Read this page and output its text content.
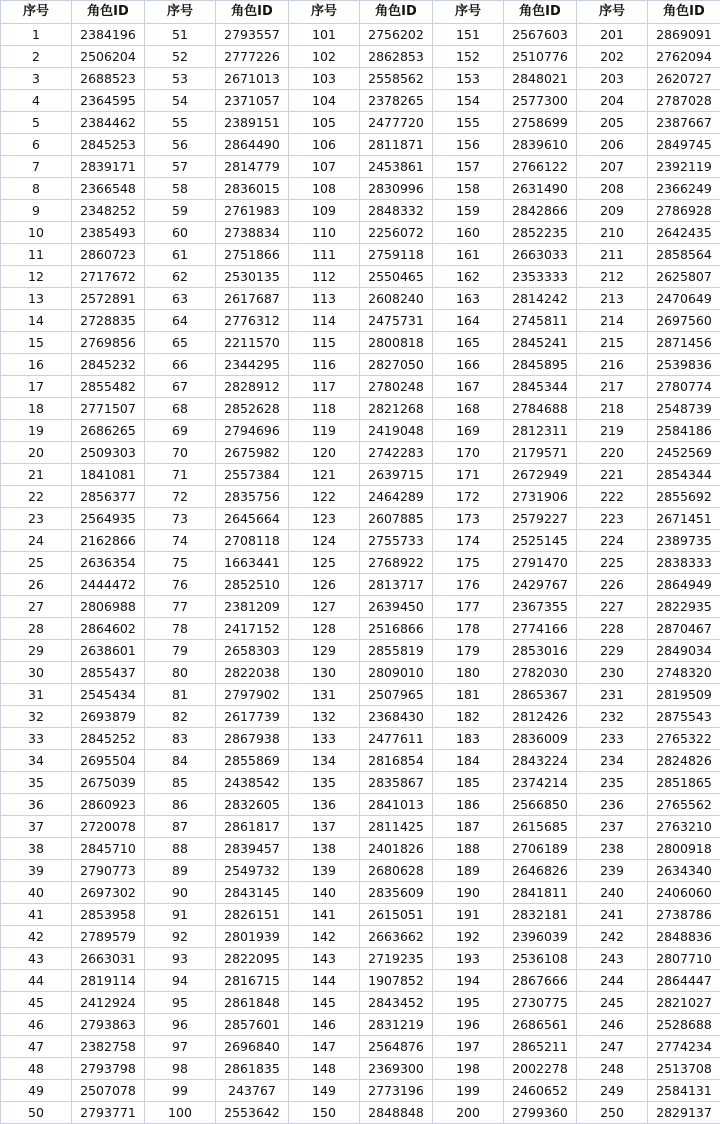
序号	角色ID	序号	角色ID	序号	角色ID	序号	角色ID	序号	角色ID
1	2384196	51	2793557	101	2756202	151	2567603	201	2869091
2	2506204	52	2777226	102	2862853	152	2510776	202	2762094
3	2688523	53	2671013	103	2558562	153	2848021	203	2620727
4	2364595	54	2371057	104	2378265	154	2577300	204	2787028
5	2384462	55	2389151	105	2477720	155	2758699	205	2387667
6	2845253	56	2864490	106	2811871	156	2839610	206	2849745
7	2839171	57	2814779	107	2453861	157	2766122	207	2392119
8	2366548	58	2836015	108	2830996	158	2631490	208	2366249
9	2348252	59	2761983	109	2848332	159	2842866	209	2786928
10	2385493	60	2738834	110	2256072	160	2852235	210	2642435
11	2860723	61	2751866	111	2759118	161	2663033	211	2858564
12	2717672	62	2530135	112	2550465	162	2353333	212	2625807
13	2572891	63	2617687	113	2608240	163	2814242	213	2470649
14	2728835	64	2776312	114	2475731	164	2745811	214	2697560
15	2769856	65	2211570	115	2800818	165	2845241	215	2871456
16	2845232	66	2344295	116	2827050	166	2845895	216	2539836
17	2855482	67	2828912	117	2780248	167	2845344	217	2780774
18	2771507	68	2852628	118	2821268	168	2784688	218	2548739
19	2686265	69	2794696	119	2419048	169	2812311	219	2584186
20	2509303	70	2675982	120	2742283	170	2179571	220	2452569
21	1841081	71	2557384	121	2639715	171	2672949	221	2854344
22	2856377	72	2835756	122	2464289	172	2731906	222	2855692
23	2564935	73	2645664	123	2607885	173	2579227	223	2671451
24	2162866	74	2708118	124	2755733	174	2525145	224	2389735
25	2636354	75	1663441	125	2768922	175	2791470	225	2838333
26	2444472	76	2852510	126	2813717	176	2429767	226	2864949
27	2806988	77	2381209	127	2639450	177	2367355	227	2822935
28	2864602	78	2417152	128	2516866	178	2774166	228	2870467
29	2638601	79	2658303	129	2855819	179	2853016	229	2849034
30	2855437	80	2822038	130	2809010	180	2782030	230	2748320
31	2545434	81	2797902	131	2507965	181	2865367	231	2819509
32	2693879	82	2617739	132	2368430	182	2812426	232	2875543
33	2845252	83	2867938	133	2477611	183	2836009	233	2765322
34	2695504	84	2855869	134	2816854	184	2843224	234	2824826
35	2675039	85	2438542	135	2835867	185	2374214	235	2851865
36	2860923	86	2832605	136	2841013	186	2566850	236	2765562
37	2720078	87	2861817	137	2811425	187	2615685	237	2763210
38	2845710	88	2839457	138	2401826	188	2706189	238	2800918
39	2790773	89	2549732	139	2680628	189	2646826	239	2634340
40	2697302	90	2843145	140	2835609	190	2841811	240	2406060
41	2853958	91	2826151	141	2615051	191	2832181	241	2738786
42	2789579	92	2801939	142	2663662	192	2396039	242	2848836
43	2663031	93	2822095	143	2719235	193	2536108	243	2807710
44	2819114	94	2816715	144	1907852	194	2867666	244	2864447
45	2412924	95	2861848	145	2843452	195	2730775	245	2821027
46	2793863	96	2857601	146	2831219	196	2686561	246	2528688
47	2382758	97	2696840	147	2564876	197	2865211	247	2774234
48	2793798	98	2861835	148	2369300	198	2002278	248	2513708
49	2507078	99	243767	149	2773196	199	2460652	249	2584131
50	2793771	100	2553642	150	2848848	200	2799360	250	2829137
